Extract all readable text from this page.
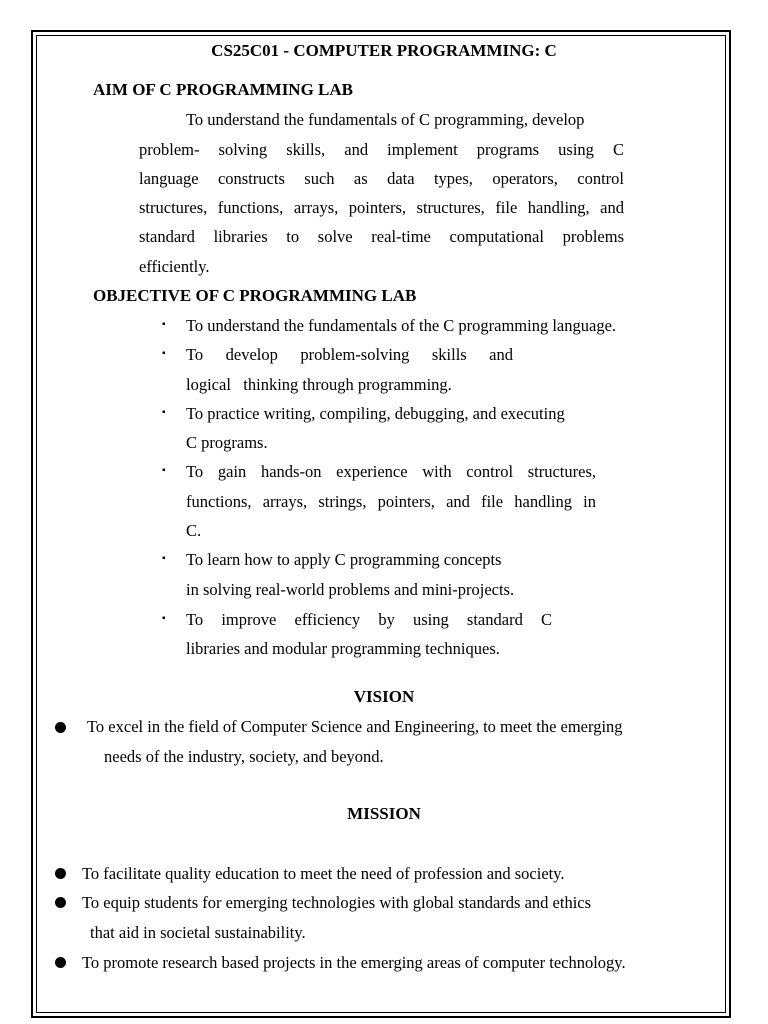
CS25C01 - COMPUTER PROGRAMMING: C
AIM OF C PROGRAMMING LAB
To understand the fundamentals of C programming, develop
problem- solving skills, and implement programs using C
language constructs such as data types, operators, control
structures, functions, arrays, pointers, structures, file handling, and
standard libraries to solve real-time computational problems
efficiently.
OBJECTIVE OF C PROGRAMMING LAB
▪ To understand the fundamentals of the C programming language.
▪ To develop problem-solving skills and
logical   thinking through programming.
▪ To practice writing, compiling, debugging, and executing
C programs.
▪ To gain hands-on experience with control structures,
functions, arrays, strings, pointers, and file handling in
C.
▪ To learn how to apply C programming concepts
in solving real-world problems and mini-projects.
▪ To improve efficiency by using standard C
libraries and modular programming techniques.
VISION
To excel in the field of Computer Science and Engineering, to meet the emerging
needs of the industry, society, and beyond.
MISSION
To facilitate quality education to meet the need of profession and society.
To equip students for emerging technologies with global standards and ethics
that aid in societal sustainability.
To promote research based projects in the emerging areas of computer technology.
